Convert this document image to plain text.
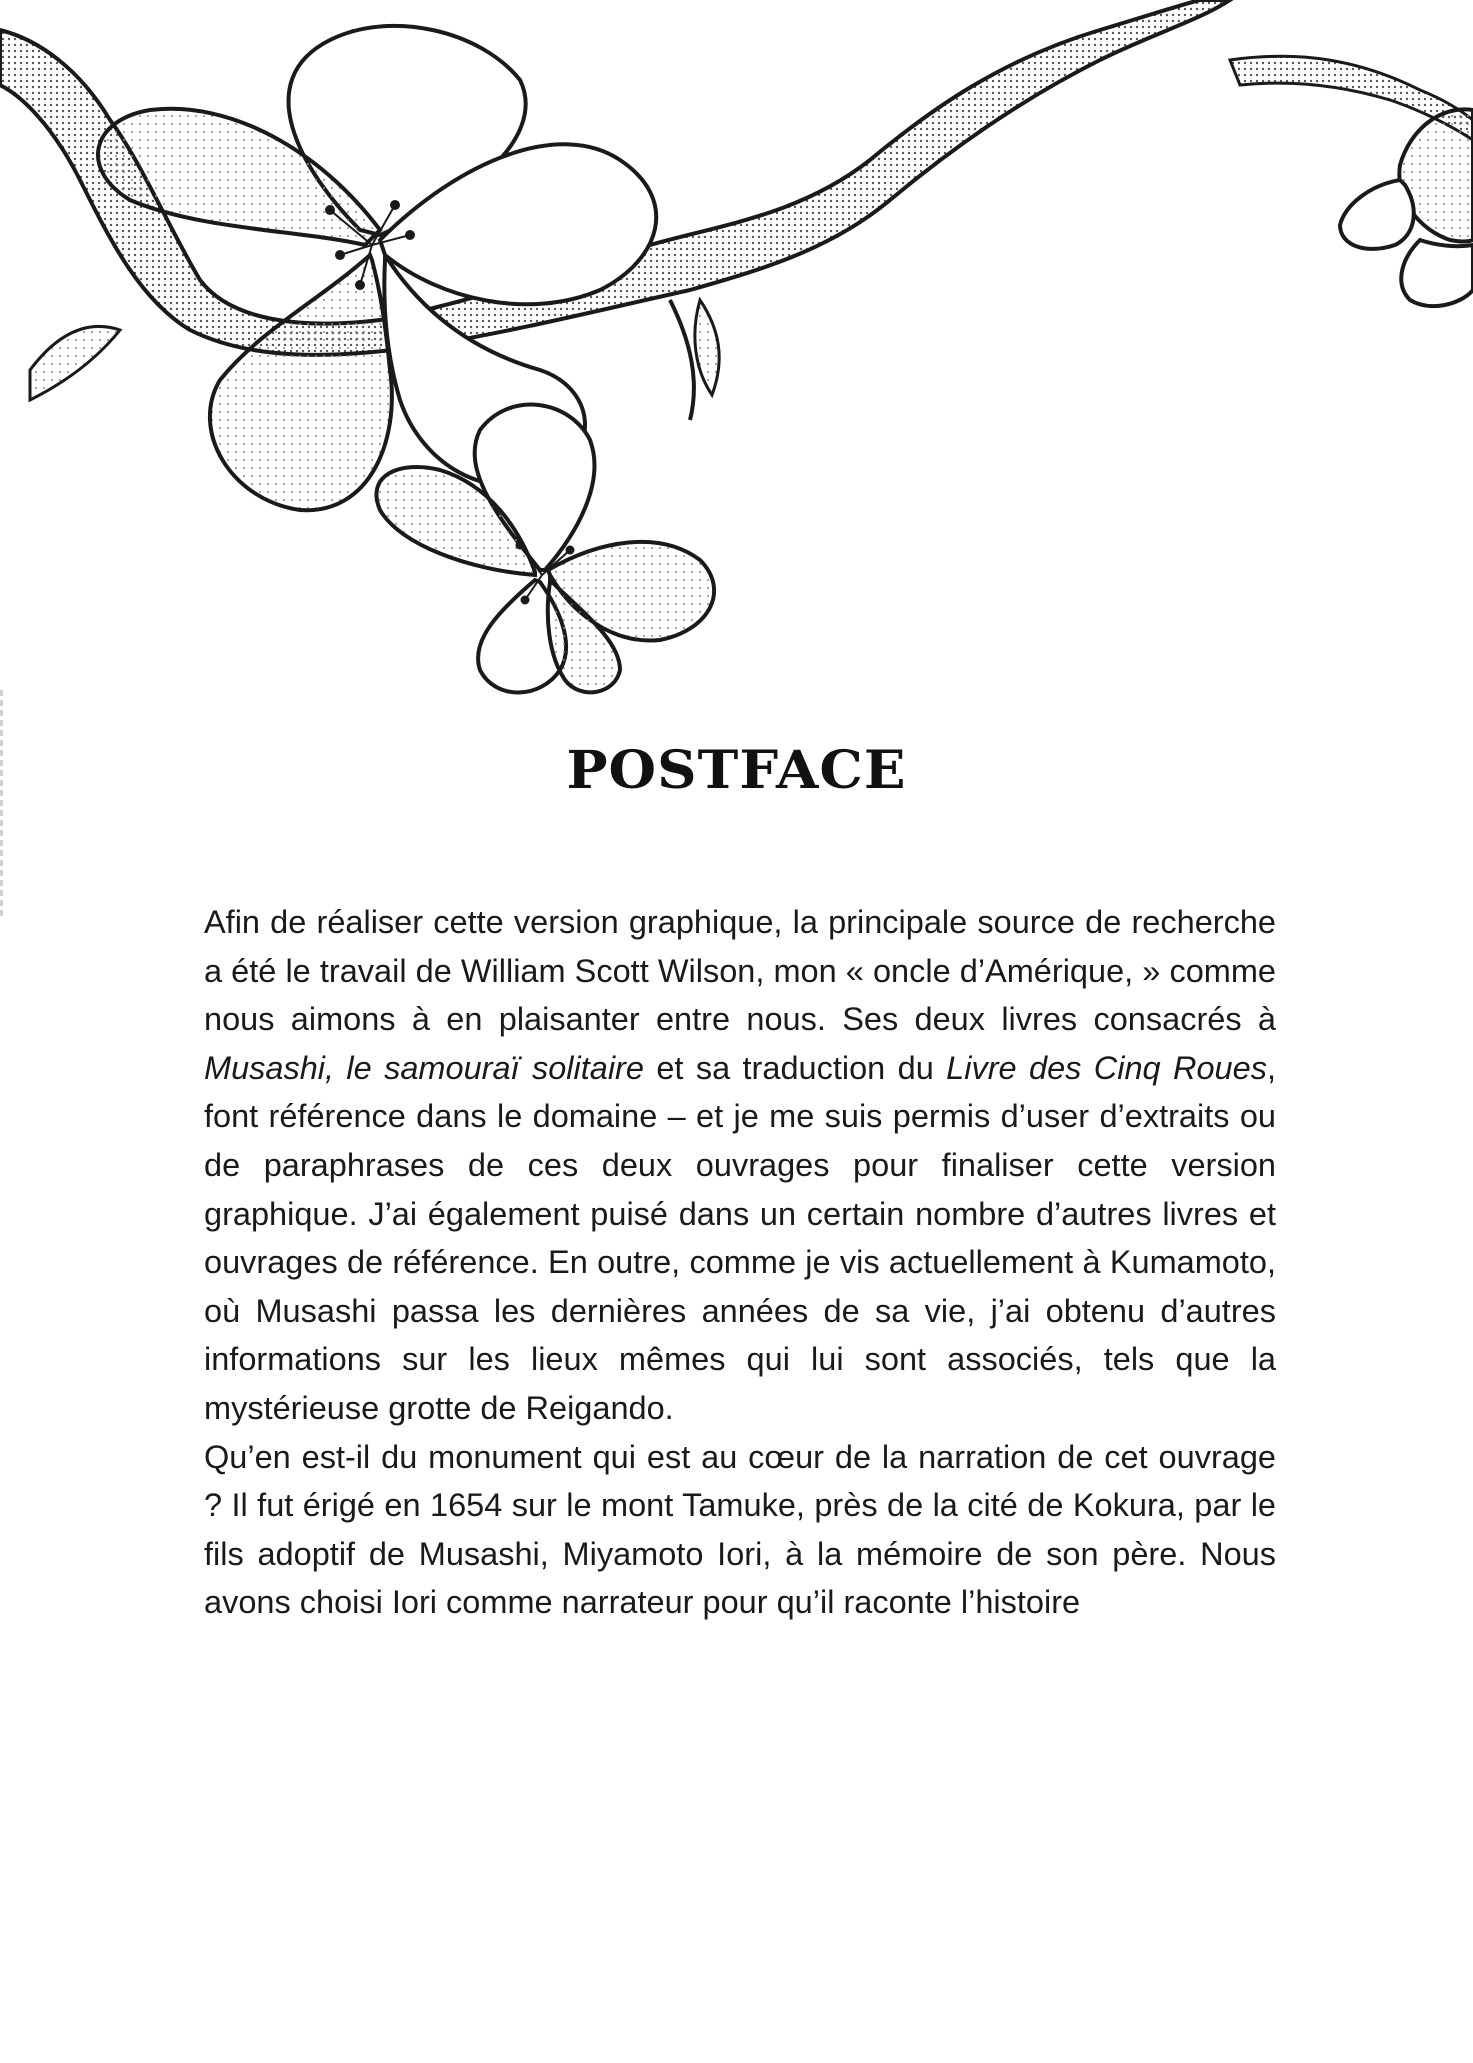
POSTFACE

Afin de réaliser cette version graphique, la principale source de recherche a été le travail de William Scott Wilson, mon « oncle d’Amérique, » comme nous aimons à en plaisanter entre nous. Ses deux livres consacrés à Musashi, le samouraï solitaire et sa traduction du Livre des Cinq Roues, font référence dans le domaine – et je me suis permis d’user d’extraits ou de paraphrases de ces deux ouvrages pour finaliser cette version graphique. J’ai également puisé dans un certain nombre d’autres livres et ouvrages de référence. En outre, comme je vis actuellement à Kumamoto, où Musashi passa les dernières années de sa vie, j’ai obtenu d’autres informations sur les lieux mêmes qui lui sont associés, tels que la mystérieuse grotte de Reigando.

Qu’en est-il du monument qui est au cœur de la narration de cet ouvrage ? Il fut érigé en 1654 sur le mont Tamuke, près de la cité de Kokura, par le fils adoptif de Musashi, Miyamoto Iori, à la mémoire de son père. Nous avons choisi Iori comme narrateur pour qu’il raconte l’histoire
